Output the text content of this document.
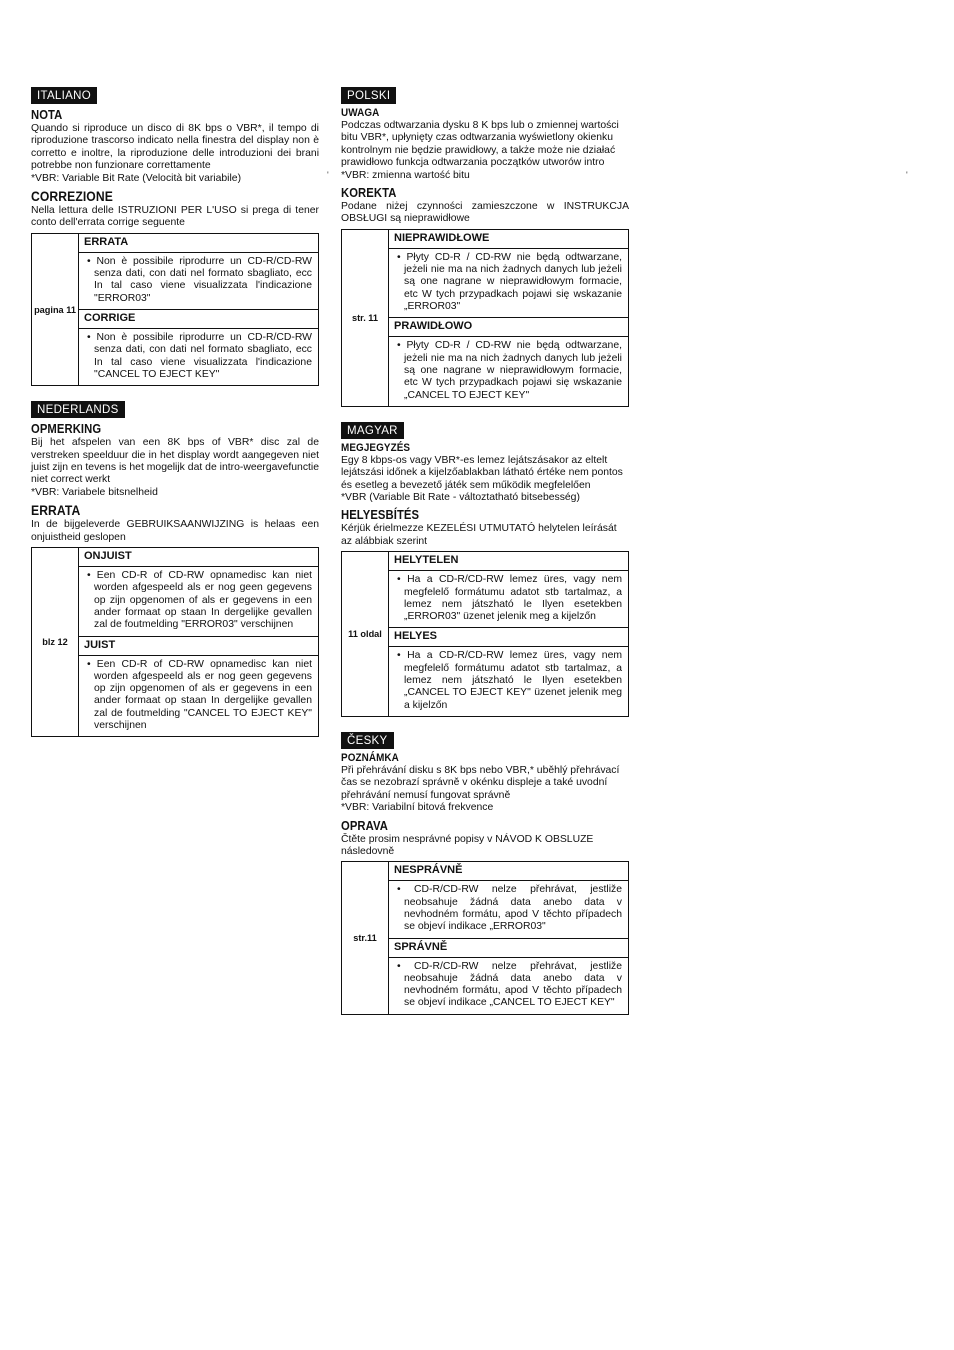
ITALIANO
NOTA

Quando si riproduce un disco di 8K bps o VBR*, il tempo di riproduzione trascorso indicato nella finestra del display non è corretto e inoltre, la riproduzione delle introduzioni dei brani potrebbe non funzionare correttamente

*VBR: Variable Bit Rate (Velocità bit variabile)

CORREZIONE

Nella lettura delle ISTRUZIONI PER L'USO si prega di tener conto dell'errata corrige seguente

pagina 11	ERRATA

• Non è possibile riprodurre un CD-R/CD-RW senza dati, con dati nel formato sbagliato, ecc In tal caso viene visualizzata l'indicazione "ERROR03"

CORRIGE

• Non è possibile riprodurre un CD-R/CD-RW senza dati, con dati nel formato sbagliato, ecc In tal caso viene visualizzata l'indicazione "CANCEL TO EJECT KEY"
NEDERLANDS
OPMERKING

Bij het afspelen van een 8K bps of VBR* disc zal de verstreken speelduur die in het display wordt aangegeven niet juist zijn en tevens is het mogelijk dat de intro-weergavefunctie niet correct werkt

*VBR: Variabele bitsnelheid

ERRATA

In de bijgeleverde GEBRUIKSAANWIJZING is helaas een onjuistheid geslopen

blz 12	ONJUIST

• Een CD-R of CD-RW opnamedisc kan niet worden afgespeeld als er nog geen gegevens op zijn opgenomen of als er gegevens in een ander formaat op staan In dergelijke gevallen zal de foutmelding "ERROR03" verschijnen

JUIST

• Een CD-R of CD-RW opnamedisc kan niet worden afgespeeld als er nog geen gegevens op zijn opgenomen of als er gegevens in een ander formaat op staan In dergelijke gevallen zal de foutmelding "CANCEL TO EJECT KEY" verschijnen
POLSKI
UWAGA

Podczas odtwarzania dysku 8 K bps lub o zmiennej wartości bitu VBR*, upłynięty czas odtwarzania wyświetlony okienku kontrolnym nie będzie prawidłowy, a także może nie działać prawidłowo funkcja odtwarzania początków utworów intro

*VBR: zmienna wartość bitu

KOREKTA

Podane niżej czynności zamieszczone w INSTRUKCJA OBSŁUGI są nieprawidłowe

str. 11	NIEPRAWIDŁOWE

• Płyty CD-R / CD-RW nie będą odtwarzane, jeżeli nie ma na nich żadnych danych lub jeżeli są one nagrane w nieprawidłowym formacie, etc W tych przypadkach pojawi się wskazanie „ERROR03"

PRAWIDŁOWO

• Płyty CD-R / CD-RW nie będą odtwarzane, jeżeli nie ma na nich żadnych danych lub jeżeli są one nagrane w nieprawidłowym formacie, etc W tych przypadkach pojawi się wskazanie „CANCEL TO EJECT KEY"
MAGYAR
MEGJEGYZÉS

Egy 8 kbps-os vagy VBR*-es lemez lejátszásakor az eltelt lejátszási időnek a kijelzőablakban látható értéke nem pontos és esetleg a bevezető játék sem működik megfelelően

*VBR (Variable Bit Rate - változtatható bitsebesség)

HELYESBÍTÉS

Kérjük érielmezze KEZELÉSI UTMUTATÓ helytelen leírását az alábbiak szerint

11 oldal	HELYTELEN

• Ha a CD-R/CD-RW lemez üres, vagy nem megfelelő formátumu adatot stb tartalmaz, a lemez nem játszható le Ilyen esetekben „ERROR03" üzenet jelenik meg a kijelzőn

HELYES

• Ha a CD-R/CD-RW lemez üres, vagy nem megfelelő formátumu adatot stb tartalmaz, a lemez nem játszható le Ilyen esetekben „CANCEL TO EJECT KEY" üzenet jelenik meg a kijelzőn
ČESKY
POZNÁMKA

Při přehrávání disku s 8K bps nebo VBR,* uběhlý přehrávací čas se nezobrazí správně v okénku displeje a také uvodní přehrávání nemusí fungovat správně

*VBR: Variabilní bitová frekvence

OPRAVA

Čtěte prosim nesprávné popisy v NÁVOD K OBSLUZE následovně

str.11	NESPRÁVNĚ

• CD-R/CD-RW nelze přehrávat, jestliže neobsahuje žádná data anebo data v nevhodném formátu, apod V těchto případech se objeví indikace „ERROR03"

SPRÁVNĚ

• CD-R/CD-RW nelze přehrávat, jestliže neobsahuje žádná data anebo data v nevhodném formátu, apod V těchto případech se objeví indikace „CANCEL TO EJECT KEY"
'	'
